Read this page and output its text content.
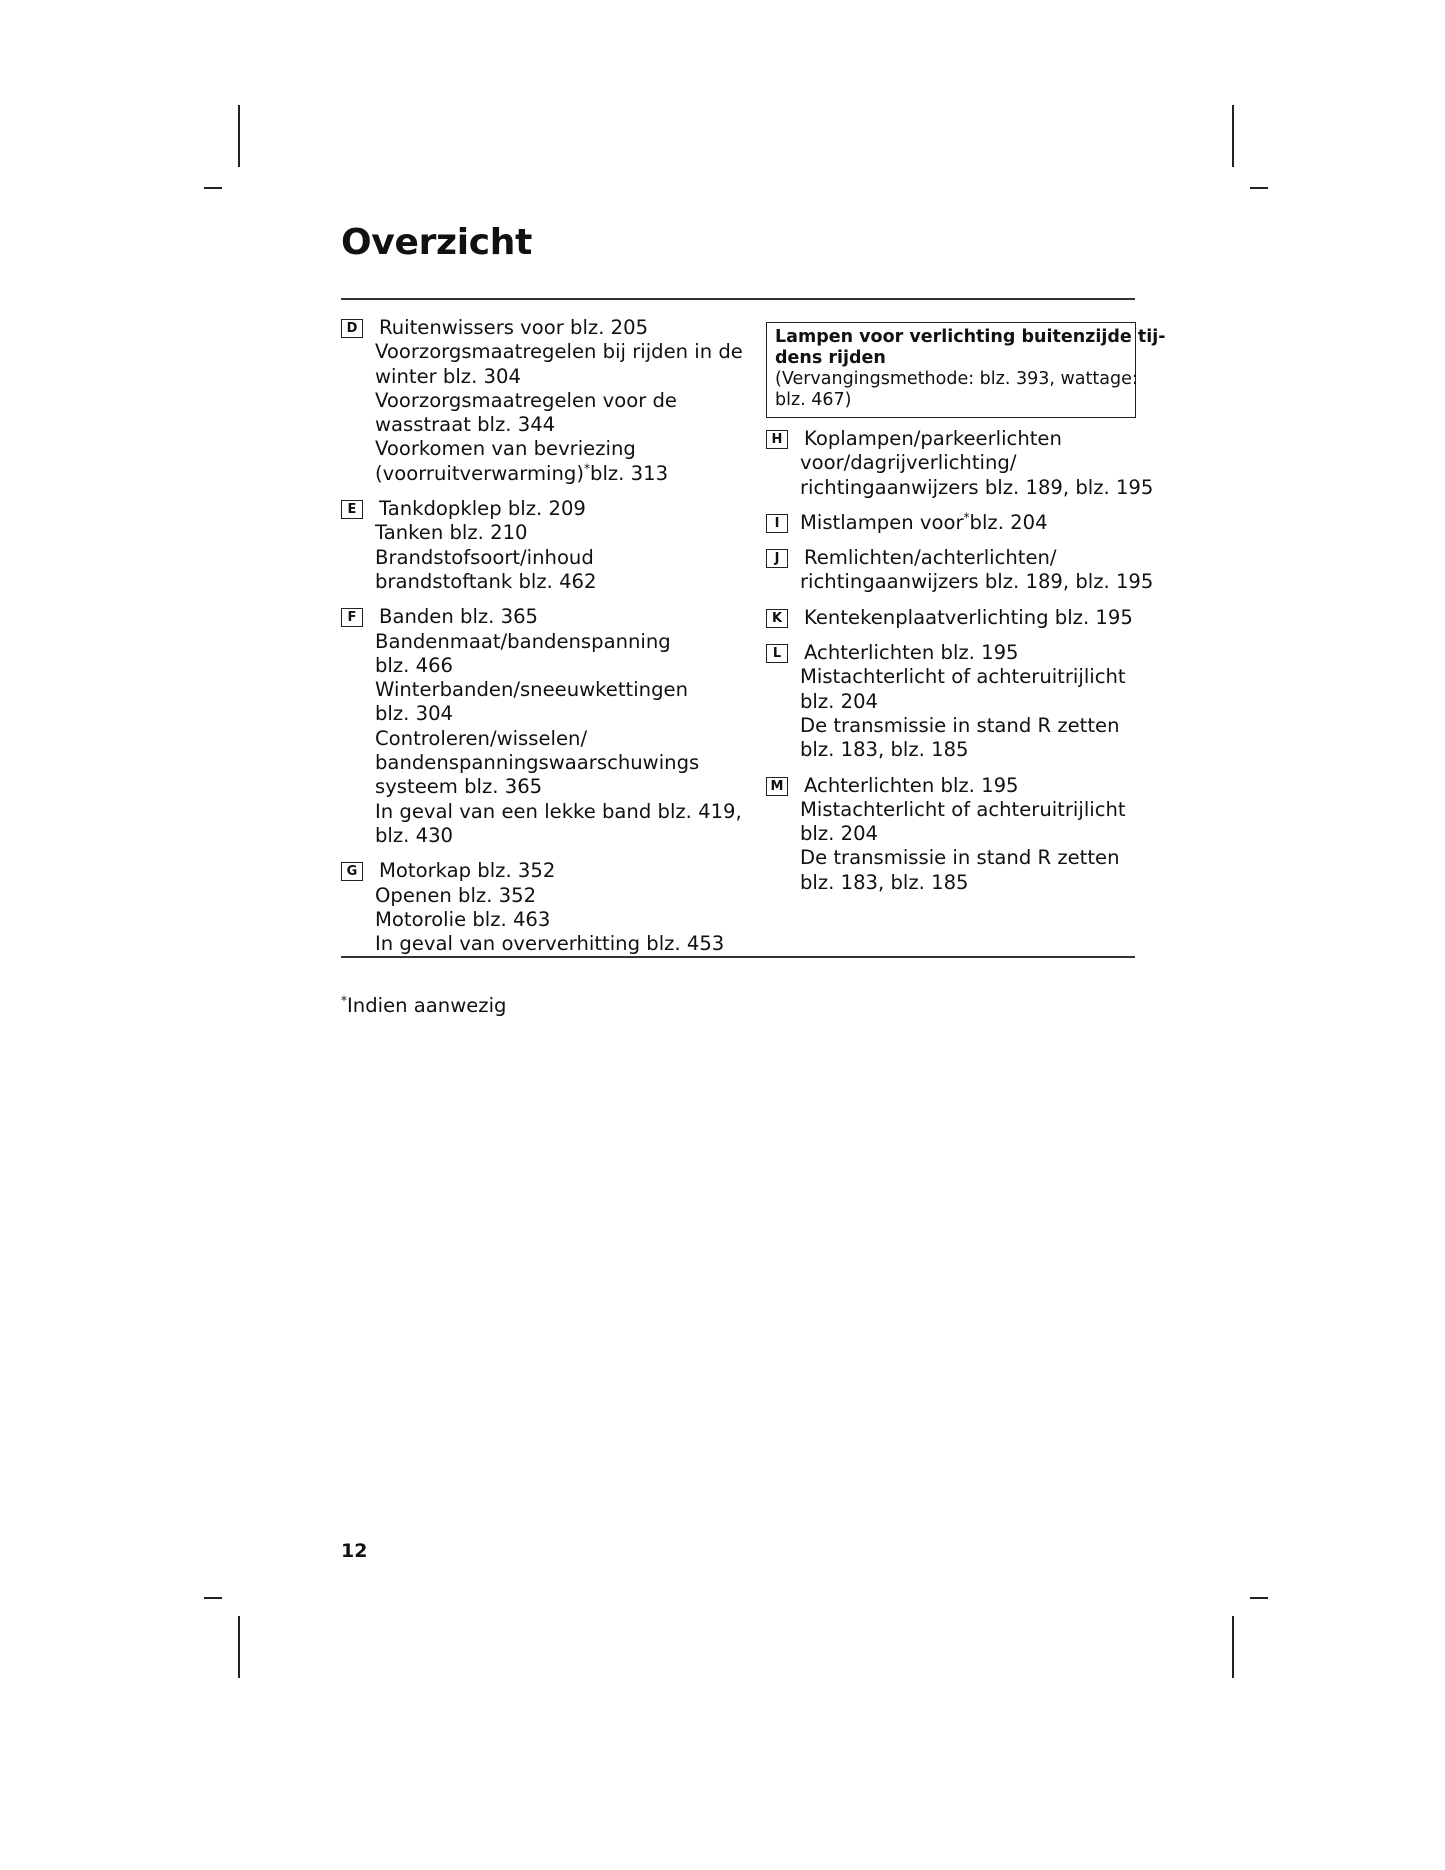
Overzicht
D Ruitenwissers voor blz. 205
Voorzorgsmaatregelen bij rijden in de
winter blz. 304
Voorzorgsmaatregelen voor de
wasstraat blz. 344
Voorkomen van bevriezing
(voorruitverwarming)*blz. 313
E	Tankdopklep blz. 209
Tanken blz. 210
Brandstofsoort/inhoud
brandstoftank blz. 462
F	Banden blz. 365
Bandenmaat/bandenspanning
blz. 466
Winterbanden/sneeuwkettingen
blz. 304
Controleren/wisselen/
bandenspanningswaarschuwings
systeem blz. 365
In geval van een lekke band blz. 419,
blz. 430
G Motorkap blz. 352
Openen blz. 352
Motorolie blz. 463
In geval van oververhitting blz. 453
Lampen voor verlichting buitenzijde tij-
dens rijden
(Vervangingsmethode: blz. 393, wattage:
blz. 467)
H Koplampen/parkeerlichten
voor/dagrijverlichting/
richtingaanwijzers blz. 189, blz. 195
I	Mistlampen voor*blz. 204
J	Remlichten/achterlichten/
richtingaanwijzers blz. 189, blz. 195
K	Kentekenplaatverlichting blz. 195
L	Achterlichten blz. 195
Mistachterlicht of achteruitrijlicht
blz. 204
De transmissie in stand R zetten
blz. 183, blz. 185
M Achterlichten blz. 195
Mistachterlicht of achteruitrijlicht
blz. 204
De transmissie in stand R zetten
blz. 183, blz. 185
*Indien aanwezig
12
